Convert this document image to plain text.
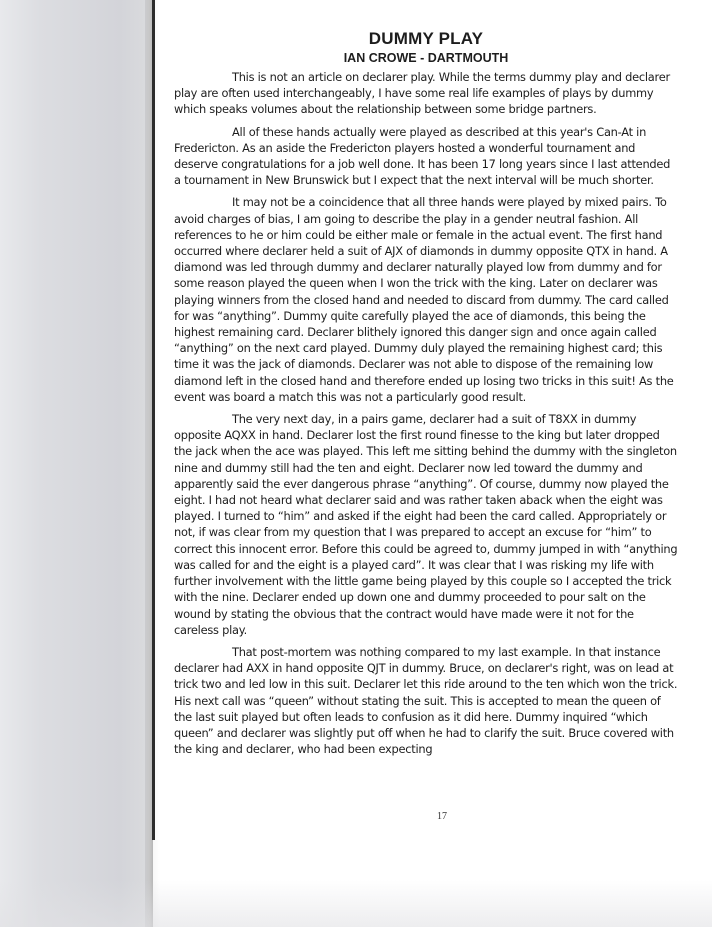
DUMMY PLAY
IAN CROWE - DARTMOUTH

This is not an article on declarer play. While the terms dummy play and declarer play are often used interchangeably, I have some real life examples of plays by dummy which speaks volumes about the relationship between some bridge partners.

All of these hands actually were played as described at this year's Can-At in Fredericton. As an aside the Fredericton players hosted a wonderful tournament and deserve congratulations for a job well done. It has been 17 long years since I last attended a tournament in New Brunswick but I expect that the next interval will be much shorter.

It may not be a coincidence that all three hands were played by mixed pairs. To avoid charges of bias, I am going to describe the play in a gender neutral fashion. All references to he or him could be either male or female in the actual event. The first hand occurred where declarer held a suit of AJX of diamonds in dummy opposite QTX in hand. A diamond was led through dummy and declarer naturally played low from dummy and for some reason played the queen when I won the trick with the king. Later on declarer was playing winners from the closed hand and needed to discard from dummy. The card called for was “anything”. Dummy quite carefully played the ace of diamonds, this being the highest remaining card. Declarer blithely ignored this danger sign and once again called “anything” on the next card played. Dummy duly played the remaining highest card; this time it was the jack of diamonds. Declarer was not able to dispose of the remaining low diamond left in the closed hand and therefore ended up losing two tricks in this suit! As the event was board a match this was not a particularly good result.

The very next day, in a pairs game, declarer had a suit of T8XX in dummy opposite AQXX in hand. Declarer lost the first round finesse to the king but later dropped the jack when the ace was played. This left me sitting behind the dummy with the singleton nine and dummy still had the ten and eight. Declarer now led toward the dummy and apparently said the ever dangerous phrase “anything”. Of course, dummy now played the eight. I had not heard what declarer said and was rather taken aback when the eight was played. I turned to “him” and asked if the eight had been the card called. Appropriately or not, if was clear from my question that I was prepared to accept an excuse for “him” to correct this innocent error. Before this could be agreed to, dummy jumped in with “anything was called for and the eight is a played card”. It was clear that I was risking my life with further involvement with the little game being played by this couple so I accepted the trick with the nine. Declarer ended up down one and dummy proceeded to pour salt on the wound by stating the obvious that the contract would have made were it not for the careless play.

That post-mortem was nothing compared to my last example. In that instance declarer had AXX in hand opposite QJT in dummy. Bruce, on declarer's right, was on lead at trick two and led low in this suit. Declarer let this ride around to the ten which won the trick. His next call was “queen” without stating the suit. This is accepted to mean the queen of the last suit played but often leads to confusion as it did here. Dummy inquired “which queen” and declarer was slightly put off when he had to clarify the suit. Bruce covered with the king and declarer, who had been expecting

17
